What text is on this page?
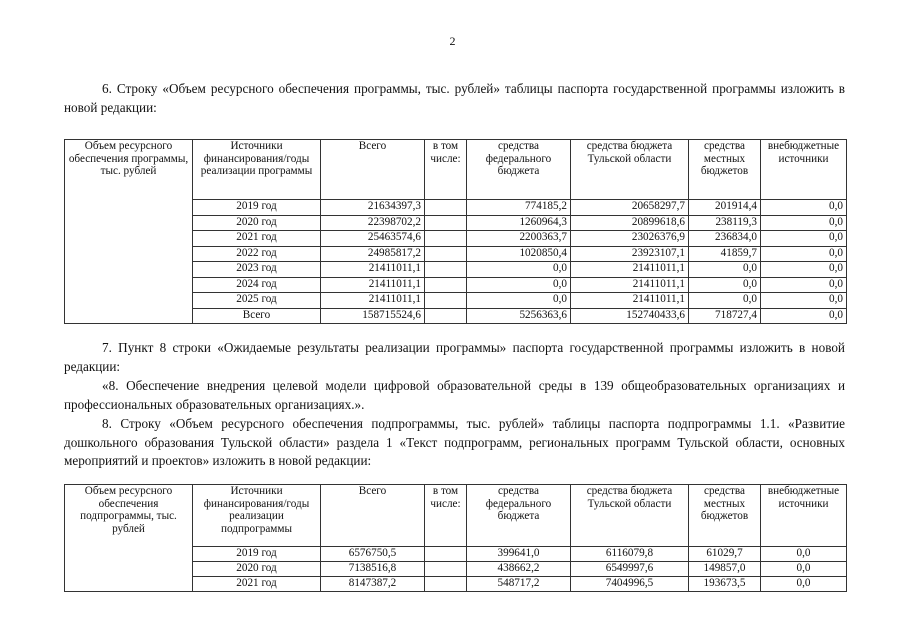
2

6. Строку «Объем ресурсного обеспечения программы, тыс. рублей» таблицы паспорта государственной программы изложить в новой редакции:

Объем ресурсного обеспечения программы, тыс. рублей	Источники финансирования/годы реализации программы	Всего	в том числе:	средства федерального бюджета	средства бюджета Тульской области	средства местных бюджетов	внебюджетные источники
	2019 год	21634397,3		774185,2	20658297,7	201914,4	0,0
	2020 год	22398702,2		1260964,3	20899618,6	238119,3	0,0
	2021 год	25463574,6		2200363,7	23026376,9	236834,0	0,0
	2022 год	24985817,2		1020850,4	23923107,1	41859,7	0,0
	2023 год	21411011,1		0,0	21411011,1	0,0	0,0
	2024 год	21411011,1		0,0	21411011,1	0,0	0,0
	2025 год	21411011,1		0,0	21411011,1	0,0	0,0
	Всего	158715524,6		5256363,6	152740433,6	718727,4	0,0

7. Пункт 8 строки «Ожидаемые результаты реализации программы» паспорта государственной программы изложить в новой редакции:

«8. Обеспечение внедрения целевой модели цифровой образовательной среды в 139 общеобразовательных организациях и профессиональных образовательных организациях.».

8. Строку «Объем ресурсного обеспечения подпрограммы, тыс. рублей» таблицы паспорта подпрограммы 1.1. «Развитие дошкольного образования Тульской области» раздела 1 «Текст подпрограмм, региональных программ Тульской области, основных мероприятий и проектов» изложить в новой редакции:

Объем ресурсного обеспечения подпрограммы, тыс. рублей	Источники финансирования/годы реализации подпрограммы	Всего	в том числе:	средства федерального бюджета	средства бюджета Тульской области	средства местных бюджетов	внебюджетные источники
	2019 год	6576750,5		399641,0	6116079,8	61029,7	0,0
	2020 год	7138516,8		438662,2	6549997,6	149857,0	0,0
	2021 год	8147387,2		548717,2	7404996,5	193673,5	0,0
